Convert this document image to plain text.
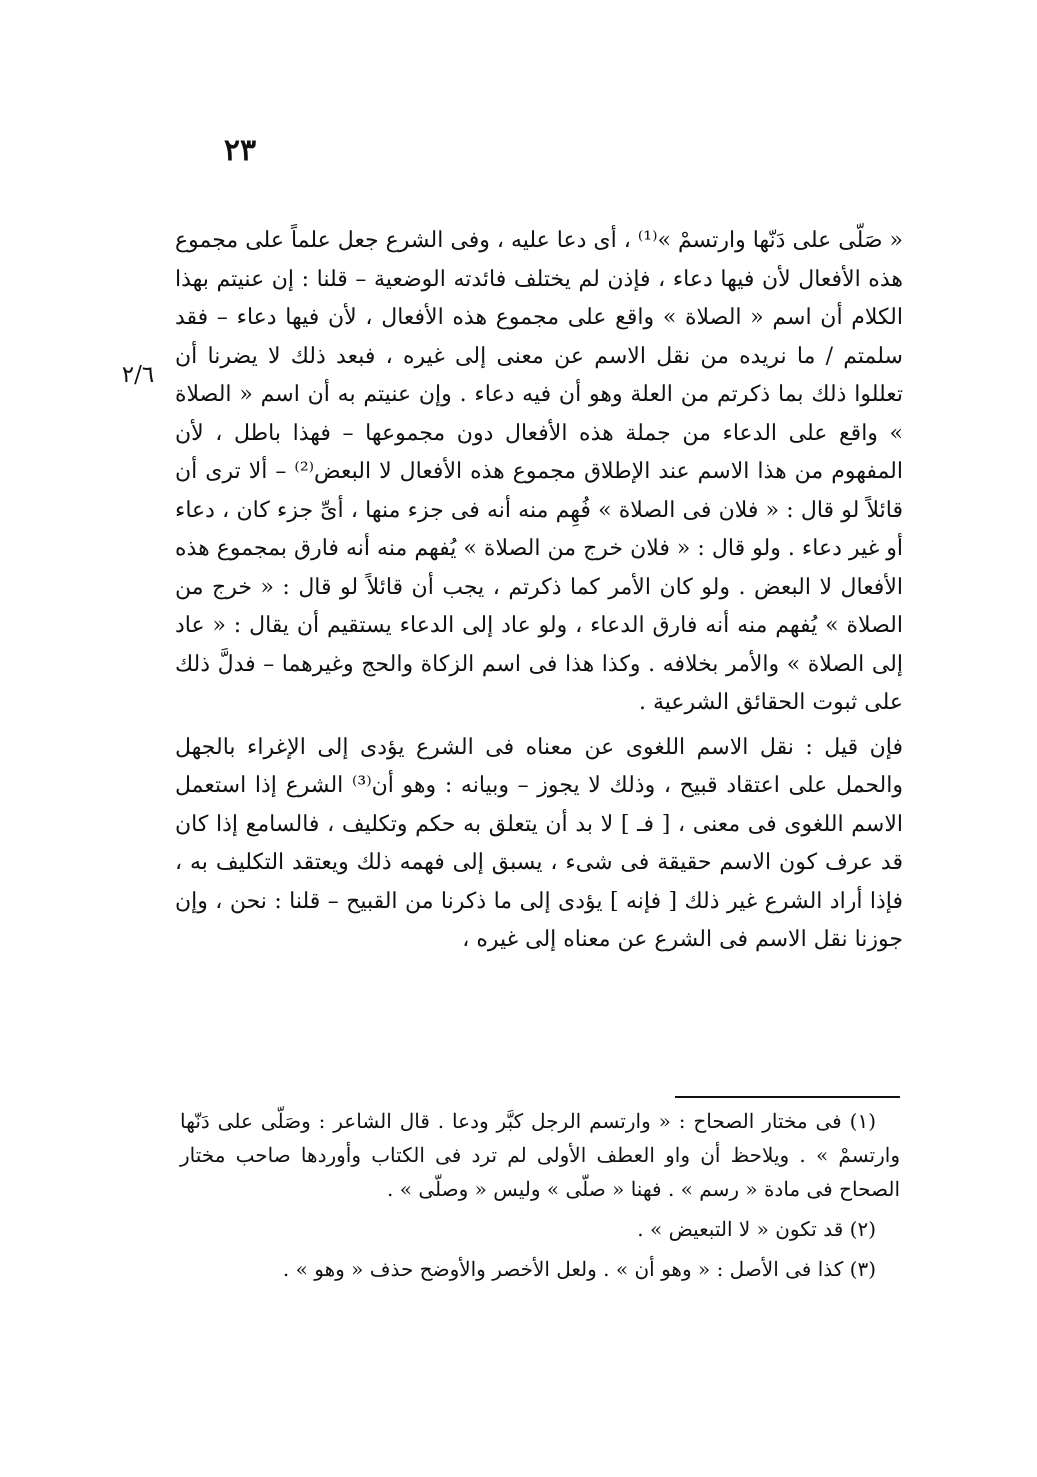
٢٣
٢/٦

« صَلّى على دَنّها وارتسمْ »⁽¹⁾ ، أى دعا عليه ، وفى الشرع جعل علماً على مجموع هذه الأفعال لأن فيها دعاء ، فإذن لم يختلف فائدته الوضعية – قلنا : إن عنيتم بهذا الكلام أن اسم « الصلاة » واقع على مجموع هذه الأفعال ، لأن فيها دعاء – فقد سلمتم / ما نريده من نقل الاسم عن معنى إلى غيره ، فبعد ذلك لا يضرنا أن تعللوا ذلك بما ذكرتم من العلة وهو أن فيه دعاء . وإن عنيتم به أن اسم « الصلاة » واقع على الدعاء من جملة هذه الأفعال دون مجموعها – فهذا باطل ، لأن المفهوم من هذا الاسم عند الإطلاق مجموع هذه الأفعال لا البعض⁽²⁾ – ألا ترى أن قائلاً لو قال : « فلان فى الصلاة » فُهِم منه أنه فى جزء منها ، أىِّ جزء كان ، دعاء أو غير دعاء . ولو قال : « فلان خرج من الصلاة » يُفهم منه أنه فارق بمجموع هذه الأفعال لا البعض . ولو كان الأمر كما ذكرتم ، يجب أن قائلاً لو قال : « خرج من الصلاة » يُفهم منه أنه فارق الدعاء ، ولو عاد إلى الدعاء يستقيم أن يقال : « عاد إلى الصلاة » والأمر بخلافه . وكذا هذا فى اسم الزكاة والحج وغيرهما – فدلَّ ذلك على ثبوت الحقائق الشرعية .

فإن قيل : نقل الاسم اللغوى عن معناه فى الشرع يؤدى إلى الإغراء بالجهل والحمل على اعتقاد قبيح ، وذلك لا يجوز – وبيانه : وهو أن⁽³⁾ الشرع إذا استعمل الاسم اللغوى فى معنى ، [ فـ ] لا بد أن يتعلق به حكم وتكليف ، فالسامع إذا كان قد عرف كون الاسم حقيقة فى شىء ، يسبق إلى فهمه ذلك ويعتقد التكليف به ، فإذا أراد الشرع غير ذلك [ فإنه ] يؤدى إلى ما ذكرنا من القبيح – قلنا : نحن ، وإن جوزنا نقل الاسم فى الشرع عن معناه إلى غيره ،

(١) فى مختار الصحاح : « وارتسم الرجل كبَّر ودعا . قال الشاعر : وصَلّى على دَنّها وارتسمْ » . ويلاحظ أن واو العطف الأولى لم ترد فى الكتاب وأوردها صاحب مختار الصحاح فى مادة « رسم » . فهنا « صلّى » وليس « وصلّى » .

(٢) قد تكون « لا التبعيض » .

(٣) كذا فى الأصل : « وهو أن » . ولعل الأخصر والأوضح حذف « وهو » .
